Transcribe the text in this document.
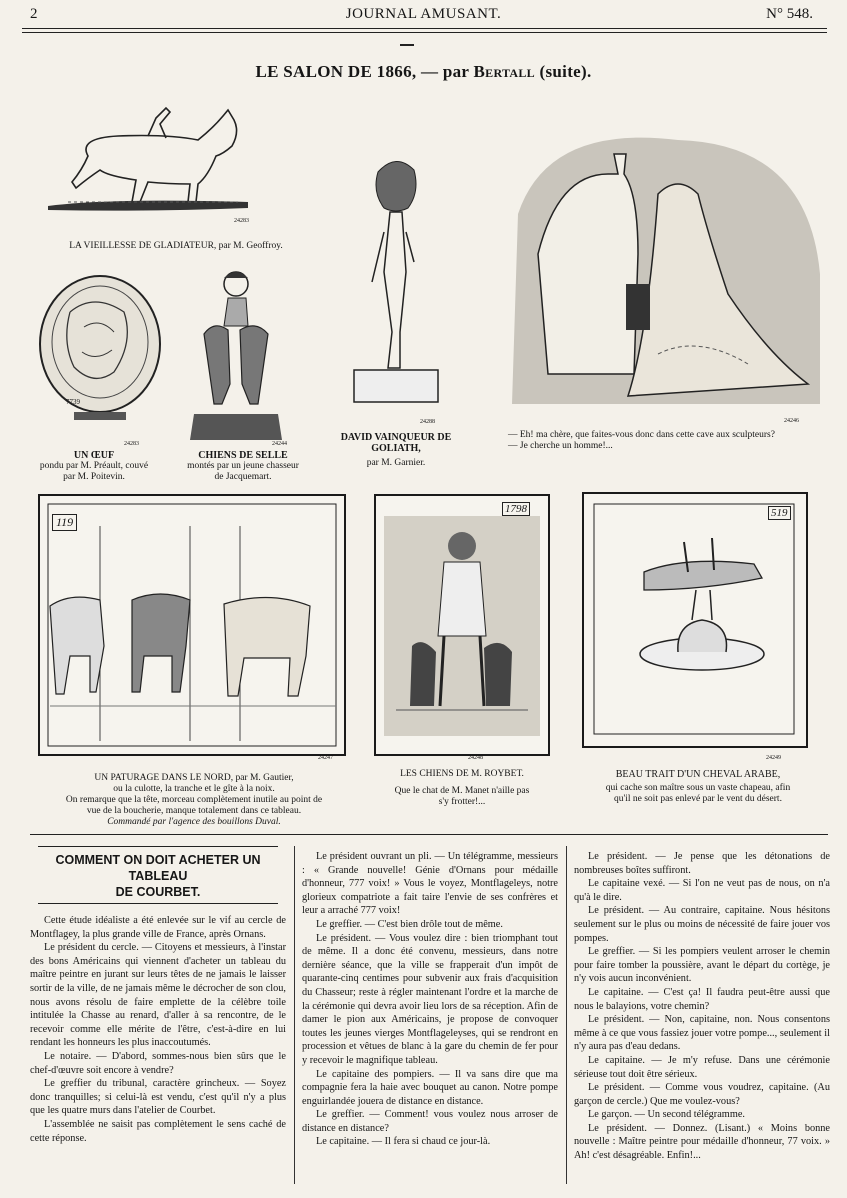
2	JOURNAL AMUSANT.	N° 548.
LE SALON DE 1866, — par Bertall (suite).
24283
LA VIEILLESSE DE GLADIATEUR, par M. Geoffroy.
7739
24283
UN ŒUF
pondu par M. Préault, couvé
par M. Poitevin.
24244
CHIENS DE SELLE
montés par un jeune chasseur
de Jacquemart.
24288
DAVID VAINQUEUR DE GOLIATH,
par M. Garnier.
24246
— Eh! ma chère, que faites-vous donc dans cette cave aux sculpteurs?
— Je cherche un homme!...
119
24247
UN PATURAGE DANS LE NORD, par M. Gautier,
ou la culotte, la tranche et le gîte à la noix.
On remarque que la tête, morceau complètement inutile au point de
vue de la boucherie, manque totalement dans ce tableau.
Commandé par l'agence des bouillons Duval.
1798
24248
LES CHIENS DE M. ROYBET.
Que le chat de M. Manet n'aille pas
s'y frotter!...
519
24249
BEAU TRAIT D'UN CHEVAL ARABE,
qui cache son maître sous un vaste chapeau, afin
qu'il ne soit pas enlevé par le vent du désert.
COMMENT ON DOIT ACHETER UN TABLEAU
DE COURBET.

Cette étude idéaliste a été enlevée sur le vif au cercle de Montflagey, la plus grande ville de France, après Ornans.

Le président du cercle. — Citoyens et messieurs, à l'instar des bons Américains qui viennent d'acheter un tableau du maître peintre en jurant sur leurs têtes de ne jamais le laisser sortir de la ville, de ne jamais même le décrocher de son clou, nous avons résolu de faire emplette de la célèbre toile intitulée la Chasse au renard, d'aller à sa rencontre, de le recevoir comme elle mérite de l'être, c'est-à-dire en lui rendant les honneurs les plus inaccoutumés.

Le notaire. — D'abord, sommes-nous bien sûrs que le chef-d'œuvre soit encore à vendre?

Le greffier du tribunal, caractère grincheux. — Soyez donc tranquilles; si celui-là est vendu, c'est qu'il n'y a plus que les quatre murs dans l'atelier de Courbet.

L'assemblée ne saisit pas complètement le sens caché de cette réponse.

Le président ouvrant un pli. — Un télégramme, messieurs : « Grande nouvelle! Génie d'Ornans pour médaille d'honneur, 777 voix! » Vous le voyez, Montflageleys, notre glorieux compatriote a fait taire l'envie de ses confrères et leur a arraché 777 voix!

Le greffier. — C'est bien drôle tout de même.

Le président. — Vous voulez dire : bien triomphant tout de même. Il a donc été convenu, messieurs, dans notre dernière séance, que la ville se frapperait d'un impôt de quarante-cinq centimes pour subvenir aux frais d'acquisition du Chasseur; reste à régler maintenant l'ordre et la marche de la cérémonie qui devra avoir lieu lors de sa réception. Afin de damer le pion aux Américains, je propose de convoquer toutes les jeunes vierges Montflageleyses, qui se rendront en procession et vêtues de blanc à la gare du chemin de fer pour y recevoir le magnifique tableau.

Le capitaine des pompiers. — Il va sans dire que ma compagnie fera la haie avec bouquet au canon. Notre pompe enguirlandée jouera de distance en distance.

Le greffier. — Comment! vous voulez nous arroser de distance en distance?

Le capitaine. — Il fera si chaud ce jour-là.

Le président. — Je pense que les détonations de nombreuses boîtes suffiront.

Le capitaine vexé. — Si l'on ne veut pas de nous, on n'a qu'à le dire.

Le président. — Au contraire, capitaine. Nous hésitons seulement sur le plus ou moins de nécessité de faire jouer vos pompes.

Le greffier. — Si les pompiers veulent arroser le chemin pour faire tomber la poussière, avant le départ du cortège, je n'y vois aucun inconvénient.

Le capitaine. — C'est ça! Il faudra peut-être aussi que nous le balayions, votre chemin?

Le président. — Non, capitaine, non. Nous consentons même à ce que vous fassiez jouer votre pompe..., seulement il n'y aura pas d'eau dedans.

Le capitaine. — Je m'y refuse. Dans une cérémonie sérieuse tout doit être sérieux.

Le président. — Comme vous voudrez, capitaine. (Au garçon de cercle.) Que me voulez-vous?

Le garçon. — Un second télégramme.

Le président. — Donnez. (Lisant.) « Moins bonne nouvelle : Maître peintre pour médaille d'honneur, 77 voix. » Ah! c'est désagréable. Enfin!...
